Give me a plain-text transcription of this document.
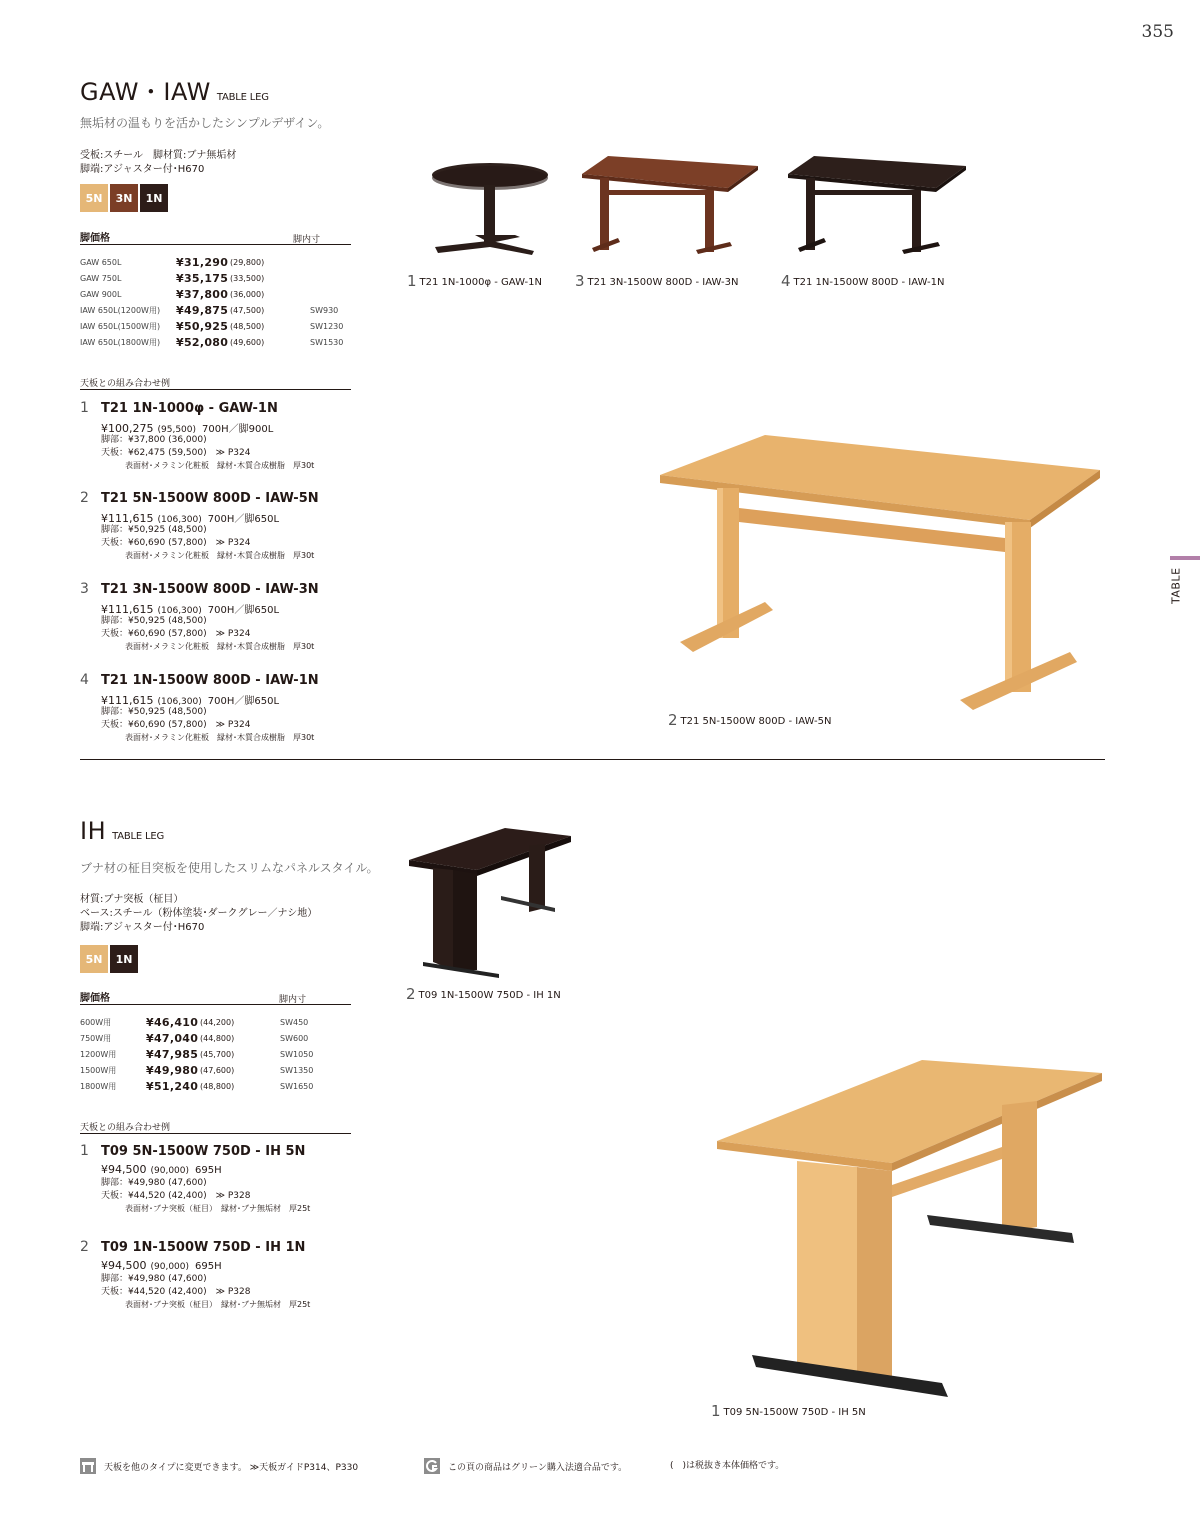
355
TABLE
GAW・IAW TABLE LEG
無垢材の温もりを活かしたシンプルデザイン。
受板:スチール　脚材質:ブナ無垢材
脚端:アジャスター付･H670
5N	3N	1N
脚価格	脚内寸
GAW 650L	¥31,290 (29,800)
GAW 750L	¥35,175 (33,500)
GAW 900L	¥37,800 (36,000)
IAW 650L(1200W用)	¥49,875 (47,500)	SW930
IAW 650L(1500W用)	¥50,925 (48,500)	SW1230
IAW 650L(1800W用)	¥52,080 (49,600)	SW1530
天板との組み合わせ例
1 T21 1N-1000φ - GAW-1N
¥100,275 (95,500) 700H／脚900L
脚部：¥37,800 (36,000)
天板：¥62,475 (59,500)　≫ P324
表面材･メラミン化粧板　縁材･木質合成樹脂　厚30t
2 T21 5N-1500W 800D - IAW-5N
¥111,615 (106,300) 700H／脚650L
脚部：¥50,925 (48,500)
天板：¥60,690 (57,800)　≫ P324
表面材･メラミン化粧板　縁材･木質合成樹脂　厚30t
3 T21 3N-1500W 800D - IAW-3N
¥111,615 (106,300) 700H／脚650L
脚部：¥50,925 (48,500)
天板：¥60,690 (57,800)　≫ P324
表面材･メラミン化粧板　縁材･木質合成樹脂　厚30t
4 T21 1N-1500W 800D - IAW-1N
¥111,615 (106,300) 700H／脚650L
脚部：¥50,925 (48,500)
天板：¥60,690 (57,800)　≫ P324
表面材･メラミン化粧板　縁材･木質合成樹脂　厚30t
1 T21 1N-1000φ - GAW-1N 3 T21 3N-1500W 800D - IAW-3N	4 T21 1N-1500W 800D - IAW-1N
2 T21 5N-1500W 800D - IAW-5N
IH TABLE LEG
ブナ材の柾目突板を使用したスリムなパネルスタイル。
材質:ブナ突板（柾目）
ベース:スチール（粉体塗装･ダークグレー／ナシ地）
脚端:アジャスター付･H670
5N	1N
脚価格	脚内寸
600W用	¥46,410 (44,200)	SW450
750W用	¥47,040 (44,800)	SW600
1200W用	¥47,985 (45,700)	SW1050
1500W用	¥49,980 (47,600)	SW1350
1800W用	¥51,240 (48,800)	SW1650
天板との組み合わせ例
1 T09 5N-1500W 750D - IH 5N
¥94,500 (90,000) 695H
脚部：¥49,980 (47,600)
天板：¥44,520 (42,400)　≫ P328
表面材･ブナ突板（柾目）　縁材･ブナ無垢材　厚25t
2 T09 1N-1500W 750D - IH 1N
¥94,500 (90,000) 695H
脚部：¥49,980 (47,600)
天板：¥44,520 (42,400)　≫ P328
表面材･ブナ突板（柾目）　縁材･ブナ無垢材　厚25t
2 T09 1N-1500W 750D - IH 1N
1 T09 5N-1500W 750D - IH 5N
天板を他のタイプに変更できます。 ≫天板ガイドP314、P330	この頁の商品はグリーン購入法適合品です。	(　)は税抜き本体価格です。
